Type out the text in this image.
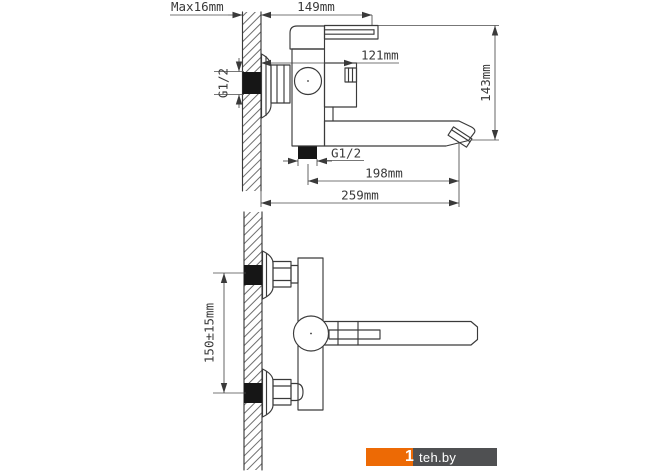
Max16mm	149mm
121mm
143mm
G1/2
G1/2
198mm
259mm
150±15mm
teh.by
1
